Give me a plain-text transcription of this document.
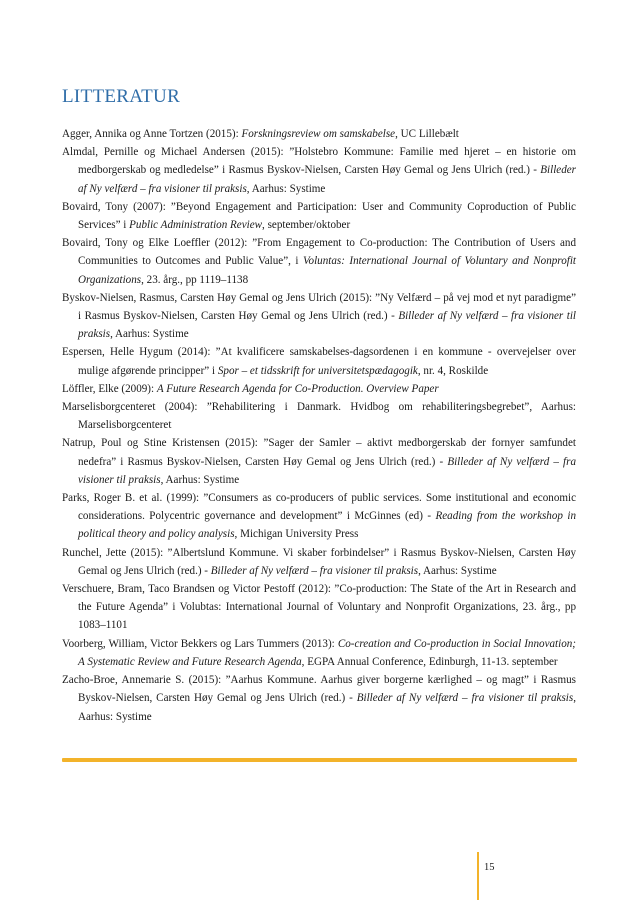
LITTERATUR

Agger, Annika og Anne Tortzen (2015): Forskningsreview om samskabelse, UC Lillebælt

Almdal, Pernille og Michael Andersen (2015): ”Holstebro Kommune: Familie med hjeret – en historie om medborgerskab og medledelse” i Rasmus Byskov-Nielsen, Carsten Høy Gemal og Jens Ulrich (red.) - Billeder af Ny velfærd – fra visioner til praksis, Aarhus: Systime

Bovaird, Tony (2007): ”Beyond Engagement and Participation: User and Community Coproduction of Public Services” i Public Administration Review, september/oktober

Bovaird, Tony og Elke Loeffler (2012): ”From Engagement to Co-production: The Contribution of Users and Communities to Outcomes and Public Value”, i Voluntas: International Journal of Voluntary and Nonprofit Organizations, 23. årg., pp 1119–1138

Byskov-Nielsen, Rasmus, Carsten Høy Gemal og Jens Ulrich (2015): ”Ny Velfærd – på vej mod et nyt paradigme” i Rasmus Byskov-Nielsen, Carsten Høy Gemal og Jens Ulrich (red.) - Billeder af Ny velfærd – fra visioner til praksis, Aarhus: Systime

Espersen, Helle Hygum (2014): ”At kvalificere samskabelses-dagsordenen i en kommune - overvejelser over mulige afgørende principper” i Spor – et tidsskrift for universitetspædagogik, nr. 4, Roskilde

Löffler, Elke (2009): A Future Research Agenda for Co-Production. Overview Paper

Marselisborgcenteret (2004): ”Rehabilitering i Danmark. Hvidbog om rehabiliteringsbegrebet”, Aarhus: Marselisborgcenteret

Natrup, Poul og Stine Kristensen (2015): ”Sager der Samler – aktivt medborgerskab der fornyer samfundet nedefra” i Rasmus Byskov-Nielsen, Carsten Høy Gemal og Jens Ulrich (red.) - Billeder af Ny velfærd – fra visioner til praksis, Aarhus: Systime

Parks, Roger B. et al. (1999): ”Consumers as co-producers of public services. Some institutional and economic considerations. Polycentric governance and development” i McGinnes (ed) - Reading from the workshop in political theory and policy analysis, Michigan University Press

Runchel, Jette (2015): ”Albertslund Kommune. Vi skaber forbindelser” i Rasmus Byskov-Nielsen, Carsten Høy Gemal og Jens Ulrich (red.) - Billeder af Ny velfærd – fra visioner til praksis, Aarhus: Systime

Verschuere, Bram, Taco Brandsen og Victor Pestoff (2012): ”Co-production: The State of the Art in Research and the Future Agenda” i Volubtas: International Journal of Voluntary and Nonprofit Organizations, 23. årg., pp 1083–1101

Voorberg, William, Victor Bekkers og Lars Tummers (2013): Co-creation and Co-production in Social Innovation; A Systematic Review and Future Research Agenda, EGPA Annual Conference, Edinburgh, 11-13. september

Zacho-Broe, Annemarie S. (2015): ”Aarhus Kommune. Aarhus giver borgerne kærlighed – og magt” i Rasmus Byskov-Nielsen, Carsten Høy Gemal og Jens Ulrich (red.) - Billeder af Ny velfærd – fra visioner til praksis, Aarhus: Systime

15
